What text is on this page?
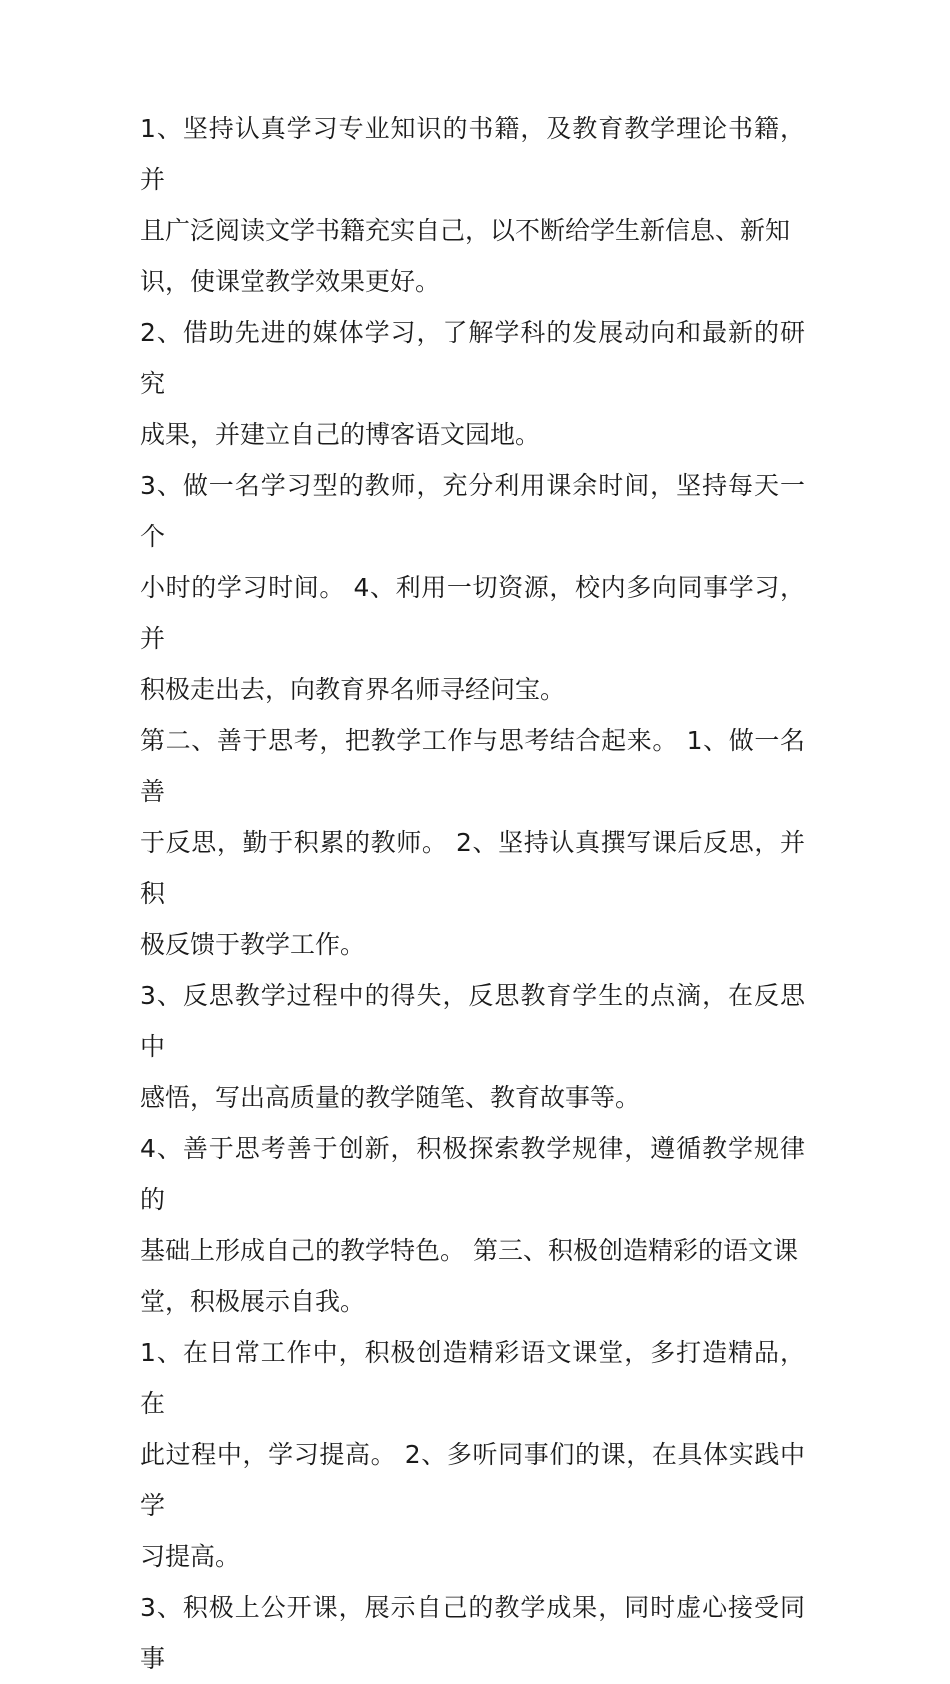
1、坚持认真学习专业知识的书籍，及教育教学理论书籍，并
且广泛阅读文学书籍充实自己，以不断给学生新信息、新知
识，使课堂教学效果更好。

2、借助先进的媒体学习，了解学科的发展动向和最新的研究
成果，并建立自己的博客语文园地。

3、做一名学习型的教师，充分利用课余时间，坚持每天一个
小时的学习时间。 4、利用一切资源，校内多向同事学习，并
积极走出去，向教育界名师寻经问宝。

第二、善于思考，把教学工作与思考结合起来。 1、做一名善
于反思，勤于积累的教师。 2、坚持认真撰写课后反思，并积
极反馈于教学工作。

3、反思教学过程中的得失，反思教育学生的点滴，在反思中
感悟，写出高质量的教学随笔、教育故事等。

4、善于思考善于创新，积极探索教学规律，遵循教学规律的
基础上形成自己的教学特色。 第三、积极创造精彩的语文课
堂，积极展示自我。

1、在日常工作中，积极创造精彩语文课堂，多打造精品，在
此过程中，学习提高。 2、多听同事们的课，在具体实践中学
习提高。

3、积极上公开课，展示自己的教学成果，同时虚心接受同事
